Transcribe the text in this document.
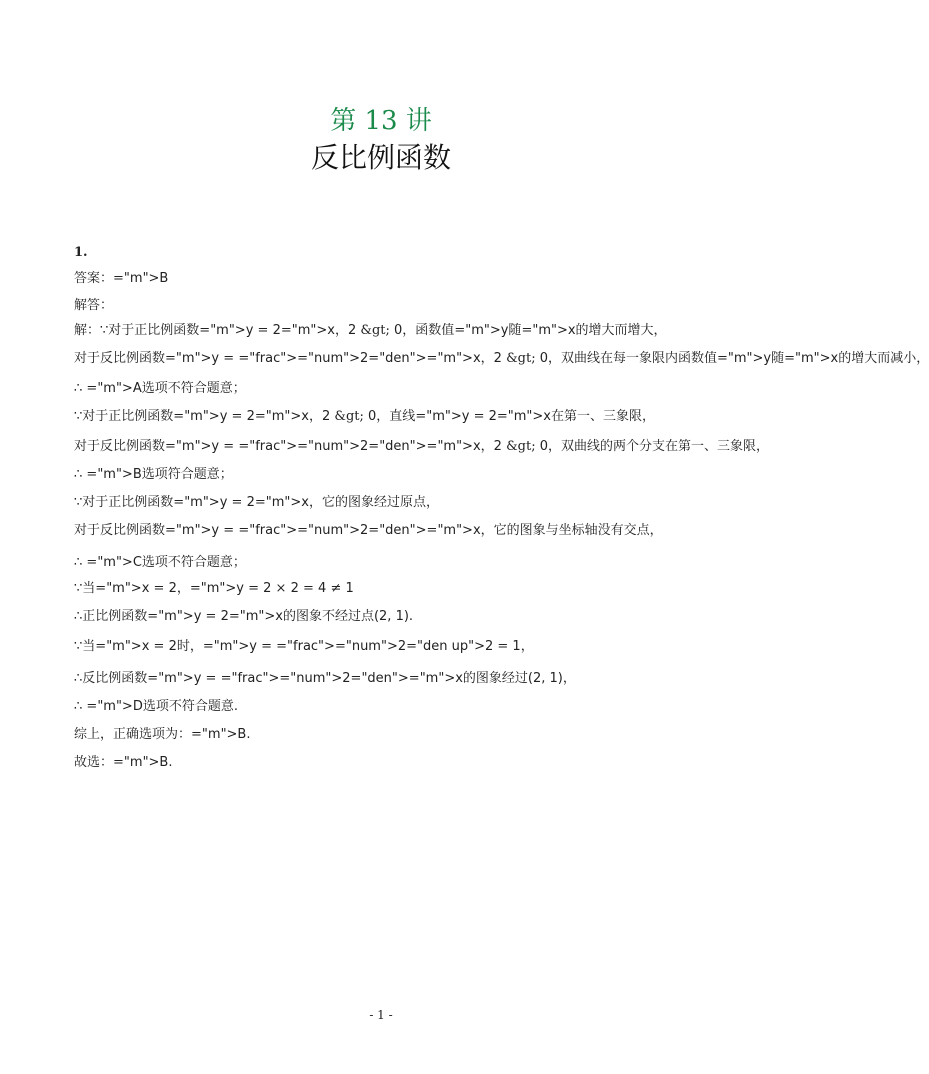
第 13 讲
反比例函数
1.
答案：="m">B
解答：
解：∵对于正比例函数="m">y = 2="m">x，2 &gt; 0，函数值="m">y随="m">x的增大而增大，
对于反比例函数="m">y = ="frac">="num">2="den">="m">x，2 &gt; 0，双曲线在每一象限内函数值="m">y随="m">x的增大而减小，
∴ ="m">A选项不符合题意；
∵对于正比例函数="m">y = 2="m">x，2 &gt; 0，直线="m">y = 2="m">x在第一、三象限，
对于反比例函数="m">y = ="frac">="num">2="den">="m">x，2 &gt; 0，双曲线的两个分支在第一、三象限，
∴ ="m">B选项符合题意；
∵对于正比例函数="m">y = 2="m">x，它的图象经过原点，
对于反比例函数="m">y = ="frac">="num">2="den">="m">x，它的图象与坐标轴没有交点，
∴ ="m">C选项不符合题意；
∵当="m">x = 2，="m">y = 2 × 2 = 4 ≠ 1
∴正比例函数="m">y = 2="m">x的图象不经过点(2, 1).
∵当="m">x = 2时，="m">y = ="frac">="num">2="den up">2 = 1，
∴反比例函数="m">y = ="frac">="num">2="den">="m">x的图象经过(2, 1)，
∴ ="m">D选项不符合题意.
综上，正确选项为：="m">B.
故选：="m">B.
- 1 -
